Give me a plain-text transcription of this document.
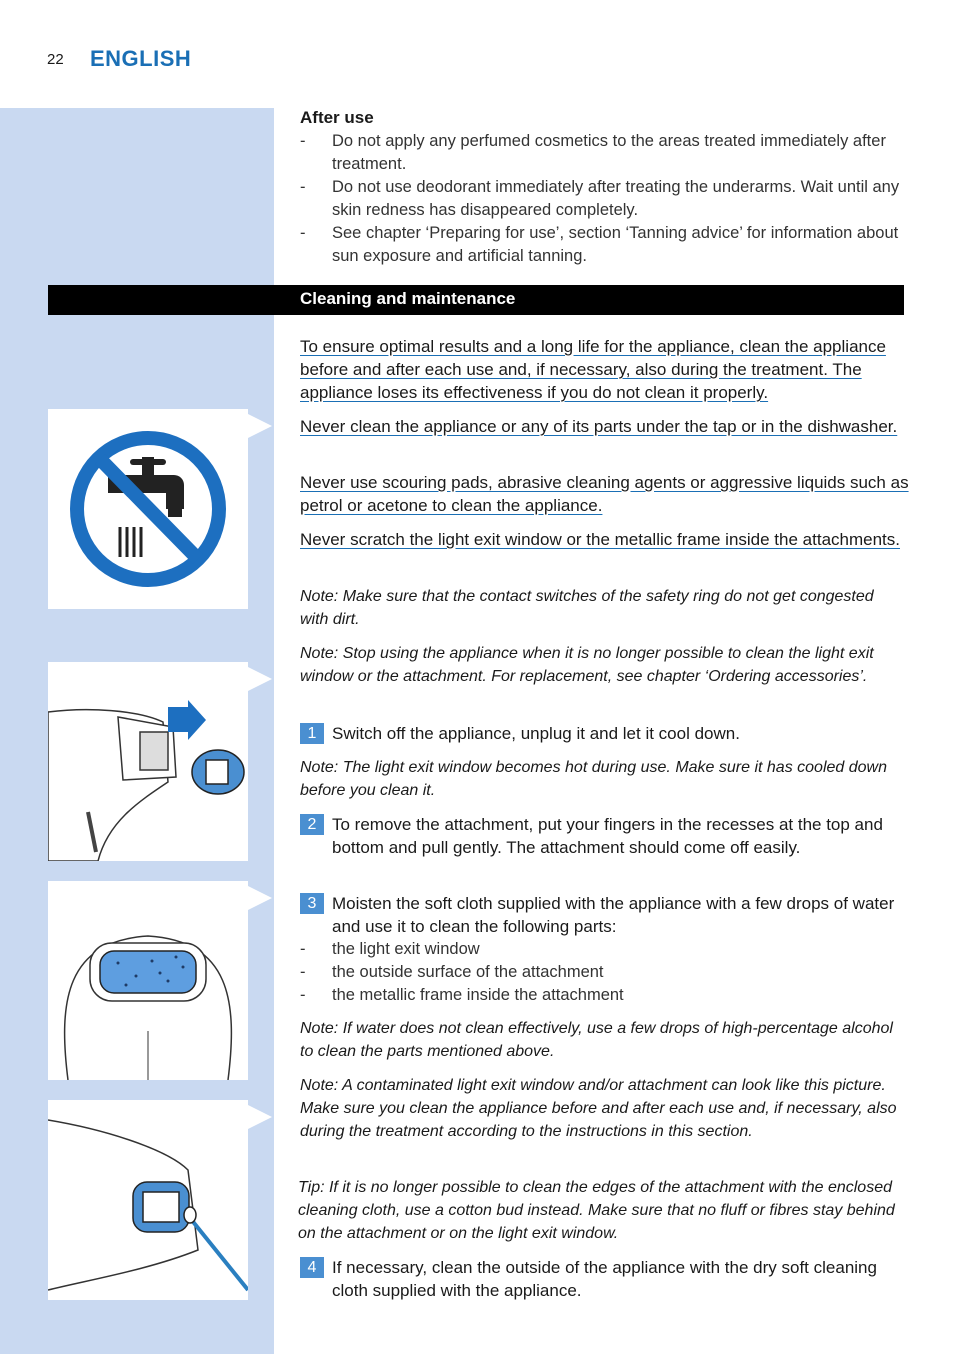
22 ENGLISH
After use
- Do not apply any perfumed cosmetics to the areas treated immediately after treatment.
- Do not use deodorant immediately after treating the underarms. Wait until any skin redness has disappeared completely.
- See chapter ‘Preparing for use’, section ‘Tanning advice’ for information about sun exposure and artificial tanning.
Cleaning and maintenance

To ensure optimal results and a long life for the appliance, clean the appliance before and after each use and, if necessary, also during the treatment. The appliance loses its effectiveness if you do not clean it properly.

Never clean the appliance or any of its parts under the tap or in the dishwasher.

Never use scouring pads, abrasive cleaning agents or aggressive liquids such as petrol or acetone to clean the appliance.

Never scratch the light exit window or the metallic frame inside the attachments.

Note: Make sure that the contact switches of the safety ring do not get congested with dirt.

Note: Stop using the appliance when it is no longer possible to clean the light exit window or the attachment. For replacement, see chapter ‘Ordering accessories’.

1 Switch off the appliance, unplug it and let it cool down.

Note: The light exit window becomes hot during use. Make sure it has cooled down before you clean it.

2 To remove the attachment, put your fingers in the recesses at the top and bottom and pull gently. The attachment should come off easily.
3 Moisten the soft cloth supplied with the appliance with a few drops of water and use it to clean the following parts:
- the light exit window
- the outside surface of the attachment
- the metallic frame inside the attachment

Note: If water does not clean effectively, use a few drops of high-percentage alcohol to clean the parts mentioned above.

Note: A contaminated light exit window and/or attachment can look like this picture. Make sure you clean the appliance before and after each use and, if necessary, also during the treatment according to the instructions in this section.

Tip: If it is no longer possible to clean the edges of the attachment with the enclosed cleaning cloth, use a cotton bud instead. Make sure that no fluff or fibres stay behind on the attachment or on the light exit window.

4 If necessary, clean the outside of the appliance with the dry soft cleaning cloth supplied with the appliance.
